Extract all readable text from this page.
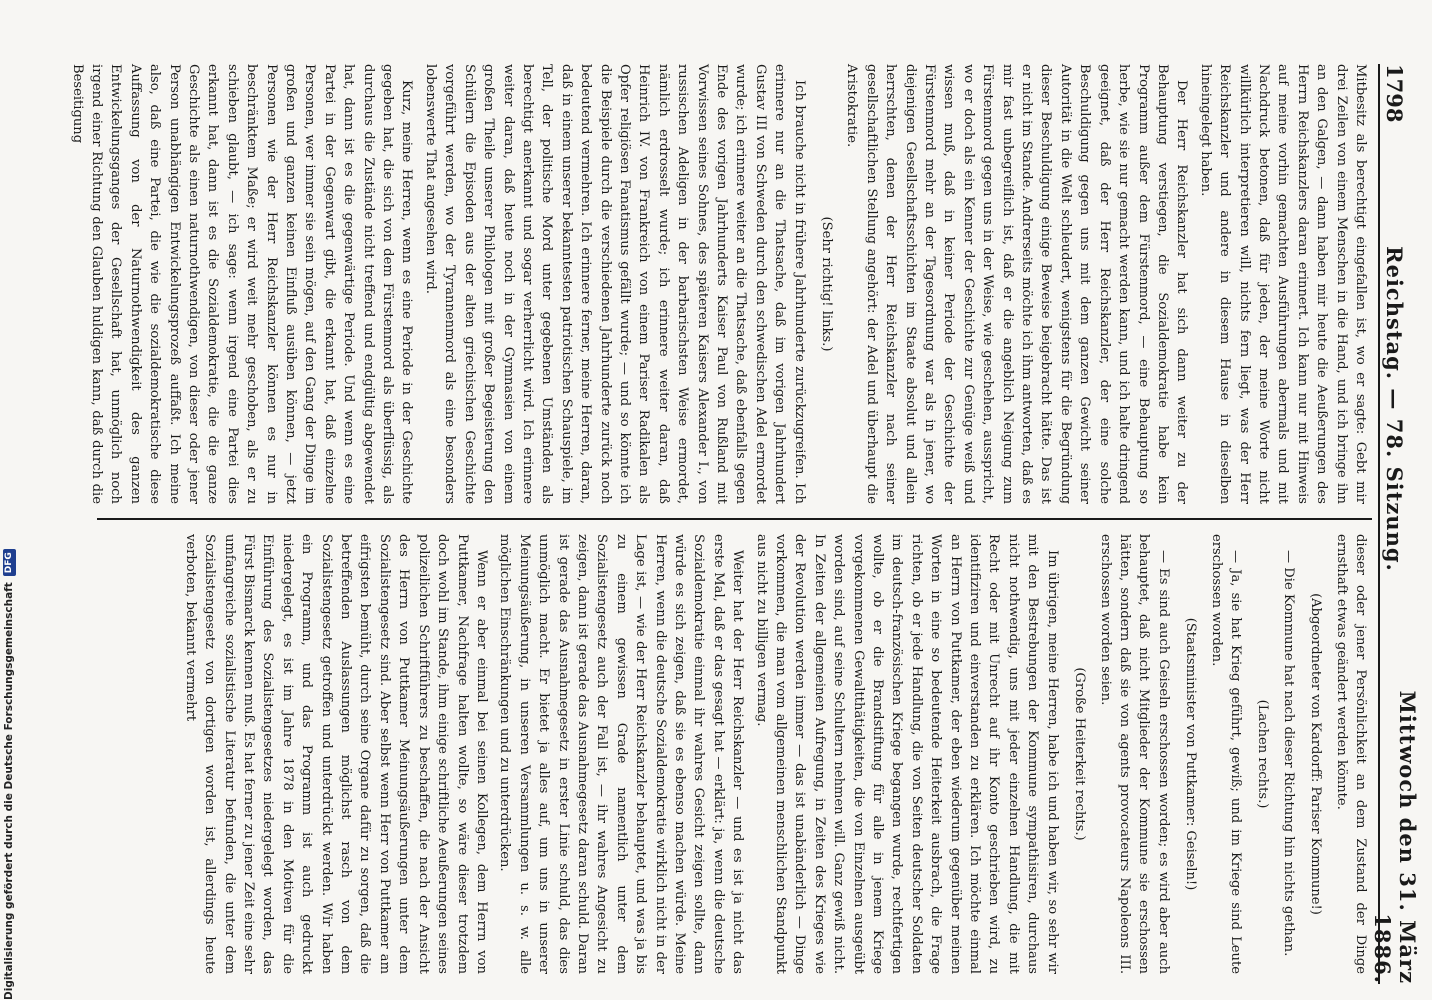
1798
Reichstag. — 78. Sitzung.
Mittwoch den 31. März 1886.

Mitbesitz als berechtigt eingefallen ist, wo er sagte: Gebt mir drei Zeilen von einem Menschen in die Hand, und ich bringe ihn an den Galgen, — dann haben mir heute die Aeußerungen des Herrn Reichskanzlers daran erinnert. Ich kann nur mit Hinweis auf meine vorhin gemachten Ausführungen abermals und mit Nachdruck betonen, daß für jeden, der meine Worte nicht willkürlich interpretieren will, nichts fern liegt, was der Herr Reichskanzler und andere in diesem Hause in dieselben hineingelegt haben.

Der Herr Reichskanzler hat sich dann weiter zu der Behauptung verstiegen, die Sozialdemokratie habe kein Programm außer dem Fürstenmord, — eine Behauptung so herbe, wie sie nur gemacht werden kann, und ich halte dringend geeignet, daß der Herr Reichskanzler, der eine solche Beschuldigung gegen uns mit dem ganzen Gewicht seiner Autorität in die Welt schleudert, wenigstens für die Begründung dieser Beschuldigung einige Beweise beigebracht hätte. Das ist er nicht im Stande. Andrerseits möchte ich ihm antworten, daß es mir fast unbegreiflich ist, daß er die angeblich Neigung zum Fürstenmord gegen uns in der Weise, wie geschehen, ausspricht, wo er doch als ein Kenner der Geschichte zur Genüge weiß und wissen muß, daß in keiner Periode der Geschichte der Fürstenmord mehr an der Tagesordnung war als in jener, wo diejenigen Gesellschaftsschichten im Staate absolut und allein herrschten, denen der Herr Reichskanzler nach seiner gesellschaftlichen Stellung angehört: der Adel und überhaupt die Aristokratie.

(Sehr richtig! links.)

Ich brauche nicht in frühere Jahrhunderte zurückzugreifen. Ich erinnere nur an die Thatsache, daß im vorigen Jahrhundert Gustav III von Schweden durch den schwedischen Adel ermordet wurde; ich erinnere weiter an die Thatsache, daß ebenfalls gegen Ende des vorigen Jahrhunderts Kaiser Paul von Rußland mit Vorwissen seines Sohnes, des späteren Kaisers Alexander I., von russischen Adeligen in der barbarischsten Weise ermordet, nämlich erdrosselt wurde; ich erinnere weiter daran, daß Heinrich IV. von Frankreich von einem Pariser Radikalen als Opfer religiösen Fanatismus gefällt wurde; — und so könnte ich die Beispiele durch die verschiedenen Jahrhunderte zurück noch bedeutend vermehren. Ich erinnere ferner, meine Herren, daran, daß in einem unserer bekanntesten patriotischen Schauspiele, im Tell, der politische Mord unter gegebenen Umständen als berechtigt anerkannt und sogar verherrlicht wird. Ich erinnere weiter daran, daß heute noch in der Gymnasien von einem großen Theile unserer Philologen mit großer Begeisterung den Schülern die Episoden aus der alten griechischen Geschichte vorgeführt werden, wo der Tyrannenmord als eine besonders lobenswerte That angesehen wird.

Kurz, meine Herren, wenn es eine Periode in der Geschichte gegeben hat, die sich von dem Fürstenmord als überflüssig, als durchaus die Zustände nicht treffend und endgültig abgewendet hat, dann ist es die gegenwärtige Periode. Und wenn es eine Partei in der Gegenwart gibt, die erkannt hat, daß einzelne Personen, wer immer sie sein mögen, auf den Gang der Dinge im großen und ganzen keinen Einfluß ausüben können, — jetzt Personen wie der Herr Reichskanzler können es nur in beschränktem Maße; er wird weit mehr geschoben, als er zu schieben glaubt, — ich sage: wenn irgend eine Partei dies erkannt hat, dann ist es die Sozialdemokratie, die die ganze Geschichte als einen naturnothwendigen, von dieser oder jener Person unabhängigen Entwickelungsprozeß auffaßt. Ich meine also, daß eine Partei, die wie die sozialdemokratische diese Auffassung von der Naturnothwendigkeit des ganzen Entwickelungsganges der Gesellschaft hat, unmöglich noch irgend einer Richtung den Glauben huldigen kann, daß durch die Beseitigung

dieser oder jener Persönlichkeit an dem Zustand der Dinge ernsthaft etwas geändert werden könnte.

(Abgeordneter von Kardorff: Pariser Kommune!)

— Die Kommune hat nach dieser Richtung hin nichts gethan.

(Lachen rechts.)

— Ja, sie hat Krieg geführt, gewiß; und im Kriege sind Leute erschossen worden.

(Staatsminister von Puttkamer: Geiseln!)

— Es sind auch Geiseln erschossen worden; es wird aber auch behauptet, daß nicht Mitglieder der Kommune sie erschossen hätten, sondern daß sie von agents provocateurs Napoleons III. erschossen worden seien.

(Große Heiterkeit rechts.)

Im übrigen, meine Herren, habe ich und haben wir, so sehr wir mit den Bestrebungen der Kommune sympathisiren, durchaus nicht nothwendig, uns mit jeder einzelnen Handlung, die mit Recht oder mit Unrecht auf ihr Konto geschrieben wird, zu identifiziren und einverstanden zu erklären. Ich möchte einmal an Herrn von Puttkamer, der eben wiederum gegenüber meinen Worten in eine so bedeutende Heiterkeit ausbrach, die Frage richten, ob er jede Handlung, die von Seiten deutscher Soldaten im deutsch-französischen Kriege begangen wurde, rechtfertigen wollte, ob er die Brandstiftung für alle in jenem Kriege vorgekommenen Gewaltthätigkeiten, die von Einzelnen ausgeübt worden sind, auf seine Schultern nehmen will. Ganz gewiß nicht. In Zeiten der allgemeinen Aufregung, in Zeiten des Krieges wie der Revolution werden immer — das ist unabänderlich — Dinge vorkommen, die man vom allgemeinen menschlichen Standpunkt aus nicht zu billigen vermag.

Weiter hat der Herr Reichskanzler — und es ist ja nicht das erste Mal, daß er das gesagt hat — erklärt: ja, wenn die deutsche Sozialdemokratie einmal ihr wahres Gesicht zeigen sollte, dann würde es sich zeigen, daß sie es ebenso machen würde. Meine Herren, wenn die deutsche Sozialdemokratie wirklich nicht in der Lage ist, — wie der Herr Reichskanzler behauptet, und was ja bis zu einem gewissen Grade namentlich unter dem Sozialistengesetz auch der Fall ist, — ihr wahres Angesicht zu zeigen, dann ist gerade das Ausnahmegesetz daran schuld. Daran ist gerade das Ausnahmegesetz in erster Linie schuld, das dies unmöglich macht. Er bietet ja alles auf, um uns in unserer Meinungsäußerung, in unseren Versammlungen u. s. w. alle möglichen Einschränkungen und zu unterdrücken.

Wenn er aber einmal bei seinen Kollegen, dem Herrn von Puttkamer, Nachfrage halten wollte, so wäre dieser trotzdem doch wohl im Stande, ihm einige schriftliche Aeußerungen seines polizeilichen Schriftführers zu beschaffen, die nach der Ansicht des Herrn von Puttkamer Meinungsäußerungen unter dem Sozialistengesetz sind. Aber selbst wenn Herr von Puttkamer am eifrigsten bemüht, durch seine Organe dafür zu sorgen, daß die betreffenden Auslassungen möglichst rasch von dem Sozialistengesetz getroffen und unterdrückt werden. Wir haben ein Programm, und das Programm ist auch gedruckt niedergelegt, es ist im Jahre 1878 in den Motiven für die Einführung des Sozialistengesetzes niedergelegt worden, das Fürst Bismarck kennen muß. Es hat ferner zu jener Zeit eine sehr umfangreiche sozialistische Literatur befunden, die unter dem Sozialistengesetz von dortigen worden ist, allerdings heute verboten, bekannt vermehrt

Digitalisierung gefördert durch die Deutsche Forschungsgemeinschaft
DFG
